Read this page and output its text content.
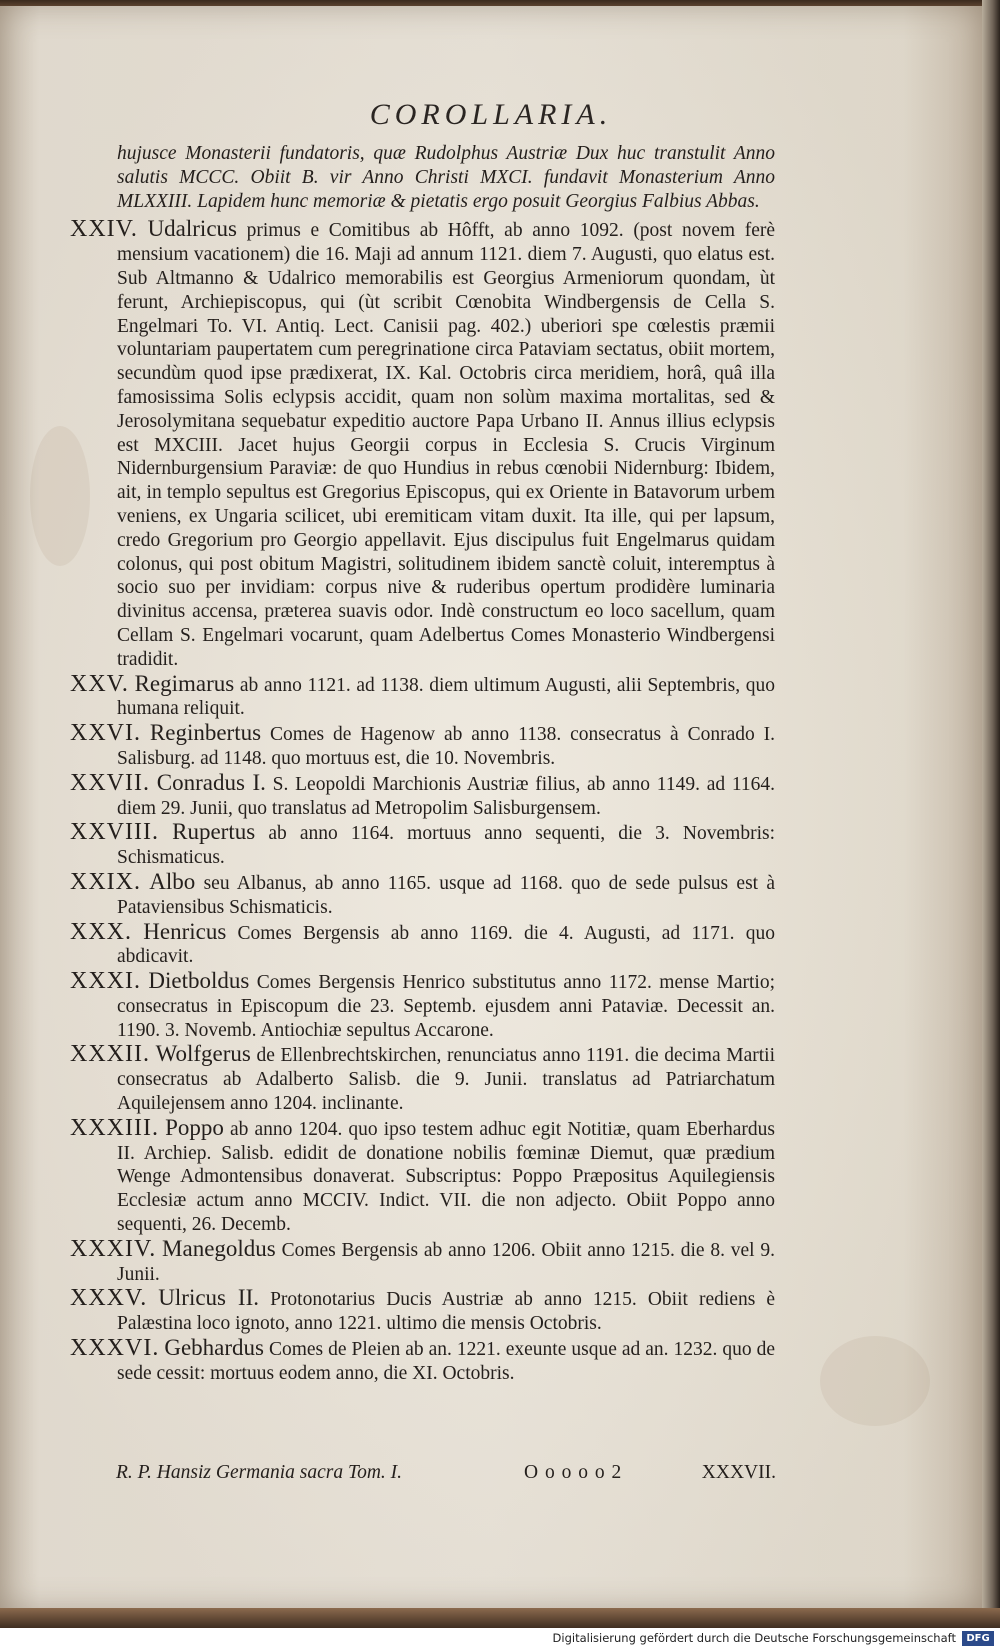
COROLLARIA.

hujusce Monasterii fundatoris, quæ Rudolphus Austriæ Dux huc transtulit Anno salutis MCCC. Obiit B. vir Anno Christi MXCI. fundavit Monasterium Anno MLXXIII. Lapidem hunc memoriæ & pietatis ergo posuit Georgius Falbius Abbas.

XXIV. Udalricus primus e Comitibus ab Hôfft, ab anno 1092. (post novem ferè mensium vacationem) die 16. Maji ad annum 1121. diem 7. Augusti, quo elatus est. Sub Altmanno & Udalrico memorabilis est Georgius Armeniorum quondam, ùt ferunt, Archiepiscopus, qui (ùt scribit Cœnobita Windbergensis de Cella S. Engelmari To. VI. Antiq. Lect. Canisii pag. 402.) uberiori spe cœlestis præmii voluntariam paupertatem cum peregrinatione circa Pataviam sectatus, obiit mortem, secundùm quod ipse prædixerat, IX. Kal. Octobris circa meridiem, horâ, quâ illa famosissima Solis eclypsis accidit, quam non solùm maxima mortalitas, sed & Jerosolymitana sequebatur expeditio auctore Papa Urbano II. Annus illius eclypsis est MXCIII. Jacet hujus Georgii corpus in Ecclesia S. Crucis Virginum Nidernburgensium Paraviæ: de quo Hundius in rebus cœnobii Nidernburg: Ibidem, ait, in templo sepultus est Gregorius Episcopus, qui ex Oriente in Batavorum urbem veniens, ex Ungaria scilicet, ubi eremiticam vitam duxit. Ita ille, qui per lapsum, credo Gregorium pro Georgio appellavit. Ejus discipulus fuit Engelmarus quidam colonus, qui post obitum Magistri, solitudinem ibidem sanctè coluit, interemptus à socio suo per invidiam: corpus nive & ruderibus opertum prodidère luminaria divinitus accensa, præterea suavis odor. Indè constructum eo loco sacellum, quam Cellam S. Engelmari vocarunt, quam Adelbertus Comes Monasterio Windbergensi tradidit.

XXV. Regimarus ab anno 1121. ad 1138. diem ultimum Augusti, alii Septembris, quo humana reliquit.

XXVI. Reginbertus Comes de Hagenow ab anno 1138. consecratus à Conrado I. Salisburg. ad 1148. quo mortuus est, die 10. Novembris.

XXVII. Conradus I. S. Leopoldi Marchionis Austriæ filius, ab anno 1149. ad 1164. diem 29. Junii, quo translatus ad Metropolim Salisburgensem.

XXVIII. Rupertus ab anno 1164. mortuus anno sequenti, die 3. Novembris: Schismaticus.

XXIX. Albo seu Albanus, ab anno 1165. usque ad 1168. quo de sede pulsus est à Pataviensibus Schismaticis.

XXX. Henricus Comes Bergensis ab anno 1169. die 4. Augusti, ad 1171. quo abdicavit.

XXXI. Dietboldus Comes Bergensis Henrico substitutus anno 1172. mense Martio; consecratus in Episcopum die 23. Septemb. ejusdem anni Pataviæ. Decessit an. 1190. 3. Novemb. Antiochiæ sepultus Accarone.

XXXII. Wolfgerus de Ellenbrechtskirchen, renunciatus anno 1191. die decima Martii consecratus ab Adalberto Salisb. die 9. Junii. translatus ad Patriarchatum Aquilejensem anno 1204. inclinante.

XXXIII. Poppo ab anno 1204. quo ipso testem adhuc egit Notitiæ, quam Eberhardus II. Archiep. Salisb. edidit de donatione nobilis fœminæ Diemut, quæ prædium Wenge Admontensibus donaverat. Subscriptus: Poppo Præpositus Aquilegiensis Ecclesiæ actum anno MCCIV. Indict. VII. die non adjecto. Obiit Poppo anno sequenti, 26. Decemb.

XXXIV. Manegoldus Comes Bergensis ab anno 1206. Obiit anno 1215. die 8. vel 9. Junii.

XXXV. Ulricus II. Protonotarius Ducis Austriæ ab anno 1215. Obiit rediens è Palæstina loco ignoto, anno 1221. ultimo die mensis Octobris.

XXXVI. Gebhardus Comes de Pleien ab an. 1221. exeunte usque ad an. 1232. quo de sede cessit: mortuus eodem anno, die XI. Octobris.

R. P. Hansiz Germania sacra Tom. I.	O o o o o 2	XXXVII.
Digitalisierung gefördert durch die Deutsche Forschungsgemeinschaft	DFG
